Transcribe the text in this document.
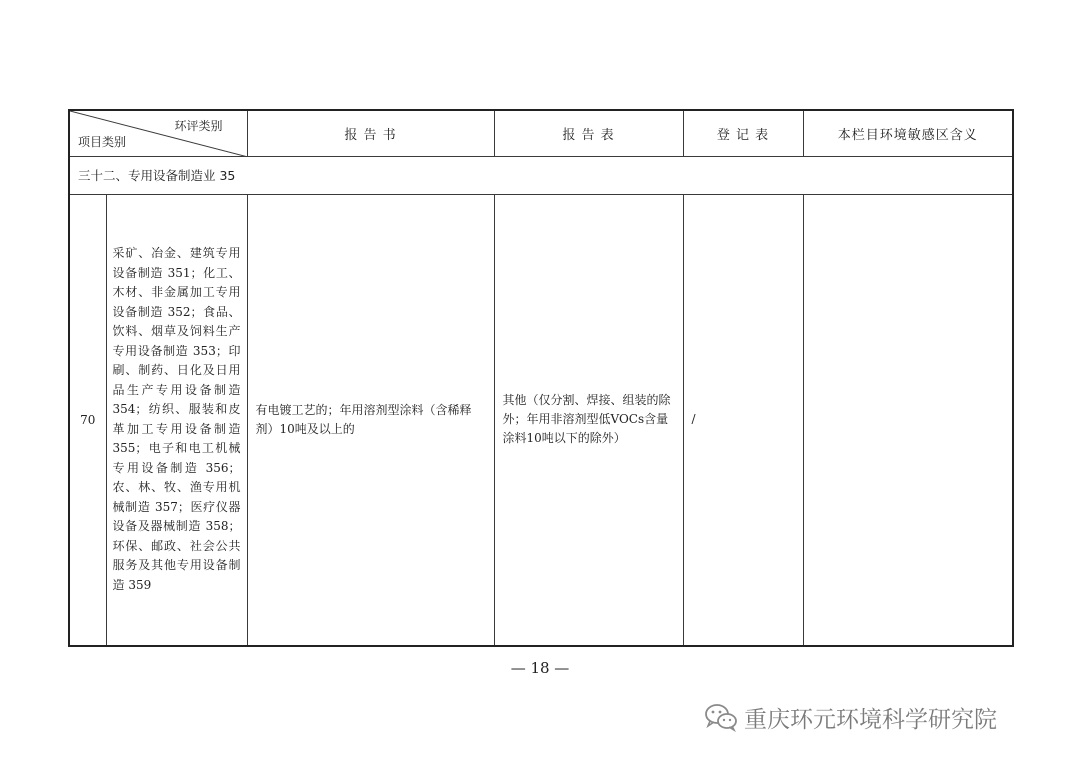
环评类别
项目类别		报 告 书	报 告 表	登 记 表	本栏目环境敏感区含义
三十二、专用设备制造业 35					
70	采矿、冶金、建筑专用设备制造 351；化工、木材、非金属加工专用设备制造 352；食品、饮料、烟草及饲料生产专用设备制造 353；印刷、制药、日化及日用品生产专用设备制造 354；纺织、服装和皮革加工专用设备制造 355；电子和电工机械专用设备制造 356；农、林、牧、渔专用机械制造 357；医疗仪器设备及器械制造 358；环保、邮政、社会公共服务及其他专用设备制造 359	有电镀工艺的；年用溶剂型涂料（含稀释剂）10吨及以上的	其他（仅分割、焊接、组装的除外；年用非溶剂型低VOCs含量涂料10吨以下的除外）	/	
— 18 —
重庆环元环境科学研究院
